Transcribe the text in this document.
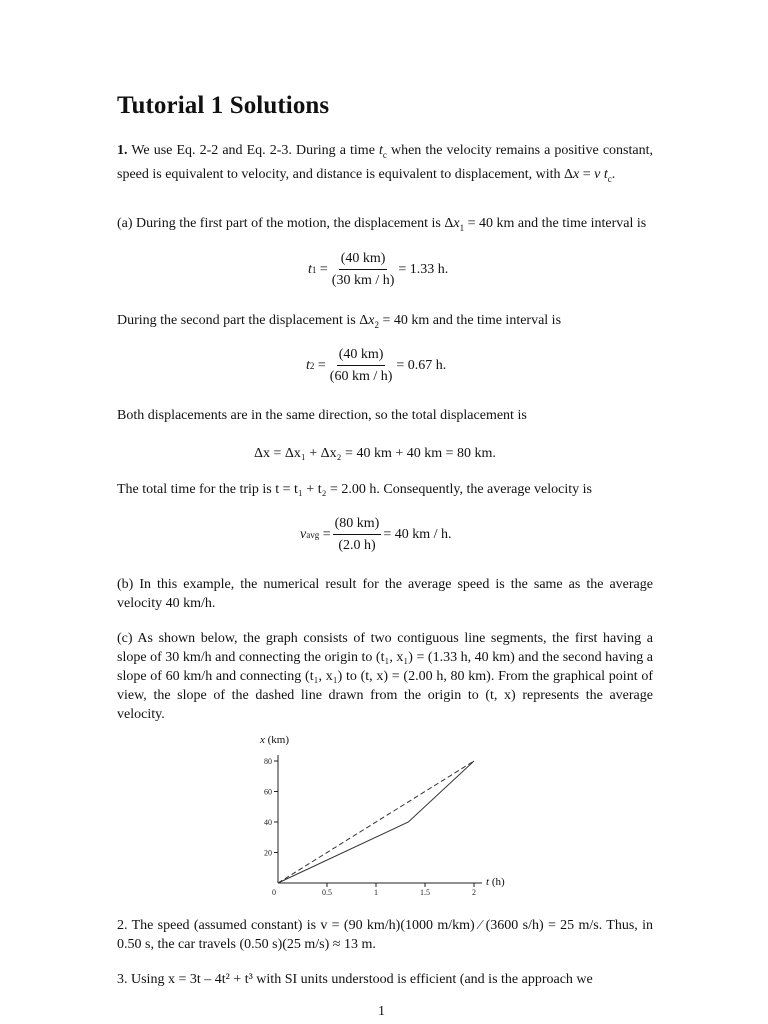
Tutorial 1 Solutions

1. We use Eq. 2-2 and Eq. 2-3. During a time $t_c$ when the velocity remains a positive constant, speed is equivalent to velocity, and distance is equivalent to displacement, with Δx = v $t_c$.

(a) During the first part of the motion, the displacement is $\Delta x_1 = 40$ km and the time interval is

t $1 = \frac{(40 km)}{(30 km / h)} = 1.33$ h.

During the second part the displacement is $\Delta x_2 = 40$ km and the time interval is

t $2 = \frac{(40 km)}{(60 km / h)} = 0.67$ h.

Both displacements are in the same direction, so the total displacement is

Δx = Δx₁ + Δx₂ = 40 km + 40 km = 80 km.

The total time for the trip is t = t₁ + t₂ = 2.00 h. Consequently, the average velocity is

v avg = $\frac{(80 km)}{(2.0 h)} = 40$ km / h.

(b) In this example, the numerical result for the average speed is the same as the average velocity 40 km/h.

(c) As shown below, the graph consists of two contiguous line segments, the first having a slope of 30 km/h and connecting the origin to (t₁, x₁) = (1.33 h, 40 km) and the second having a slope of 60 km/h and connecting (t₁, x₁) to (t, x) = (2.00 h, 80 km). From the graphical point of view, the slope of the dashed line drawn from the origin to (t, x) represents the average velocity.

20
40
60
80
0	0.5	1	1.5	2
x (km)
t (h)

2. The speed (assumed constant) is v = (90 km/h)(1000 m/km) ⁄ (3600 s/h) = 25 m/s. Thus, in 0.50 s, the car travels (0.50 s)(25 m/s) ≈ 13 m.

3. Using x = 3t – 4t² + t³ with SI units understood is efficient (and is the approach we

1
